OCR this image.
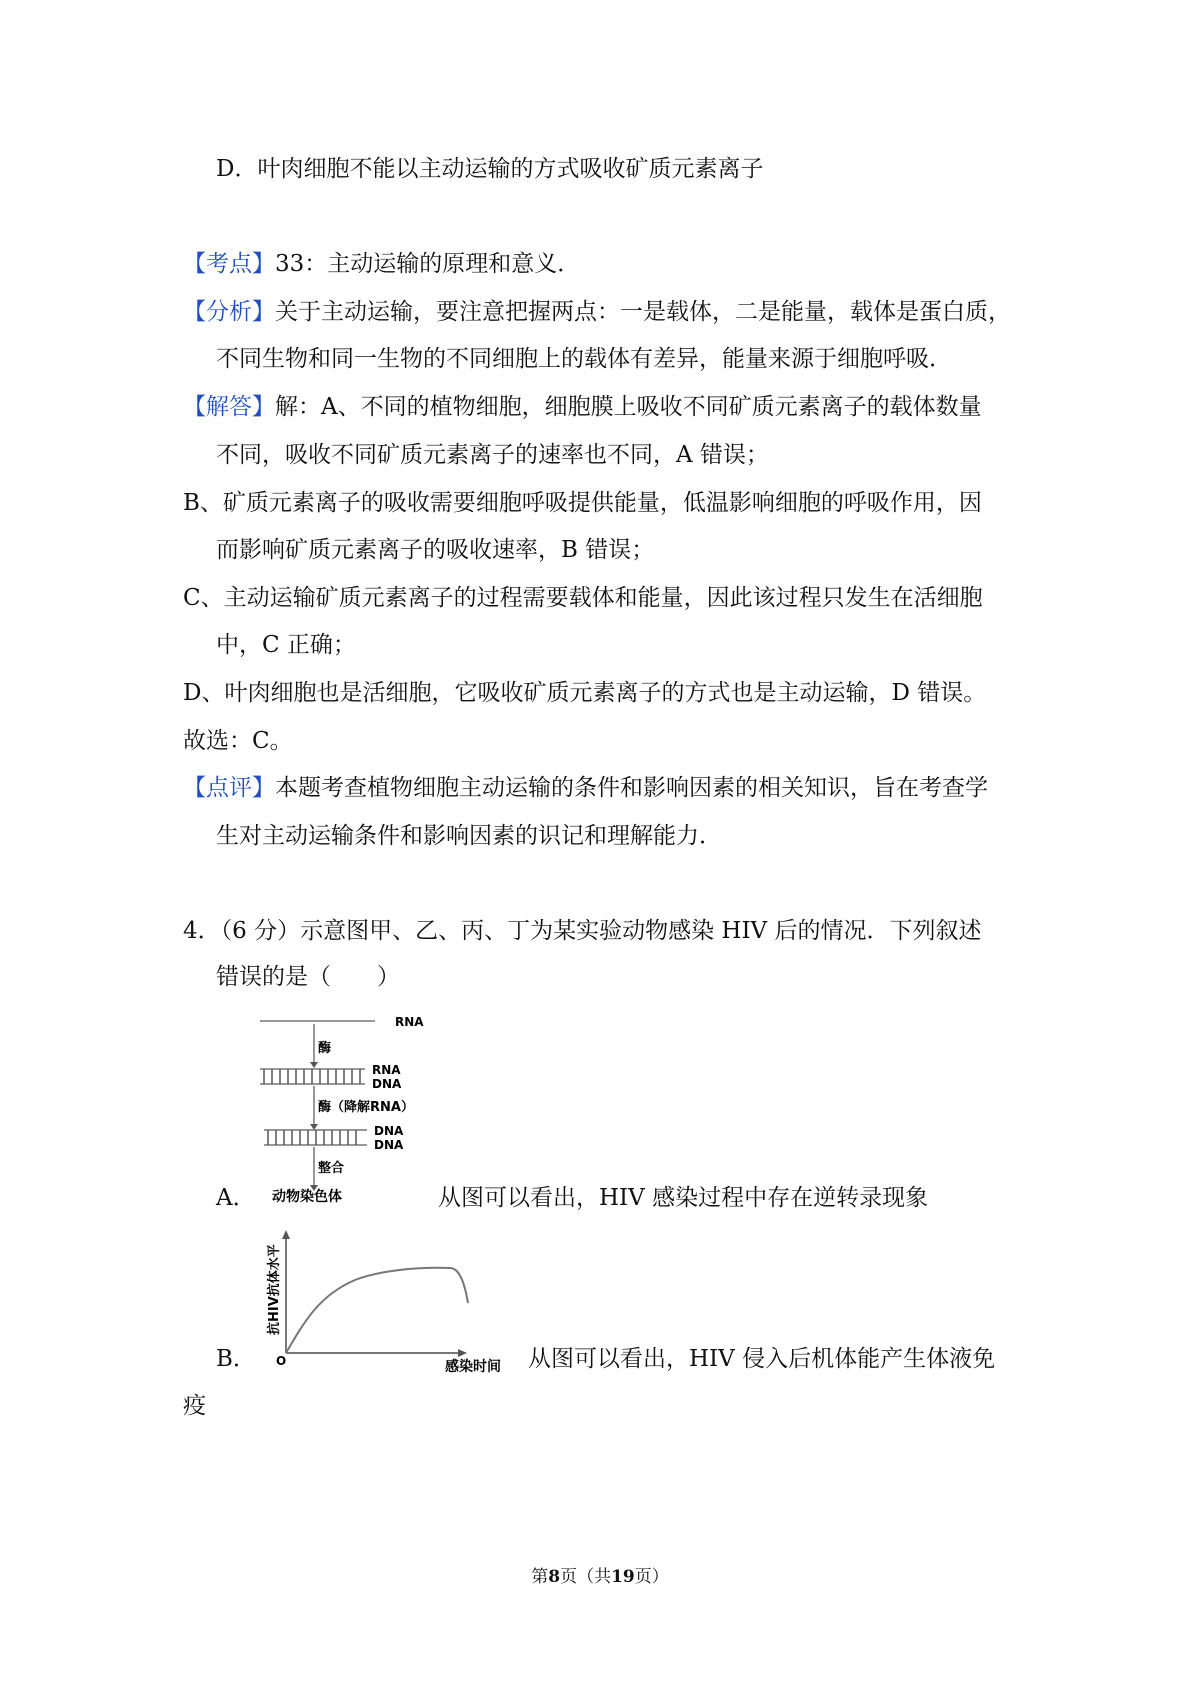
D．叶肉细胞不能以主动运输的方式吸收矿质元素离子
【考点】33：主动运输的原理和意义．
【分析】关于主动运输，要注意把握两点：一是载体，二是能量，载体是蛋白质，
不同生物和同一生物的不同细胞上的载体有差异，能量来源于细胞呼吸．
【解答】解：A、不同的植物细胞，细胞膜上吸收不同矿质元素离子的载体数量
不同，吸收不同矿质元素离子的速率也不同，A 错误；
B、矿质元素离子的吸收需要细胞呼吸提供能量，低温影响细胞的呼吸作用，因
而影响矿质元素离子的吸收速率，B 错误；
C、主动运输矿质元素离子的过程需要载体和能量，因此该过程只发生在活细胞
中，C 正确；
D、叶肉细胞也是活细胞，它吸收矿质元素离子的方式也是主动运输，D 错误。
故选：C。
【点评】本题考查植物细胞主动运输的条件和影响因素的相关知识，旨在考查学
生对主动运输条件和影响因素的识记和理解能力．
4．（6 分）示意图甲、乙、丙、丁为某实验动物感染 HIV 后的情况．下列叙述
错误的是（　　）
RNA
酶
RNA
DNA
酶（降解RNA）
DNA
DNA
整合
动物染色体
A．	从图可以看出，HIV 感染过程中存在逆转录现象
O
抗HIV抗体水平
感染时间
B．	从图可以看出，HIV 侵入后机体能产生体液免
疫
第8页（共19页）
